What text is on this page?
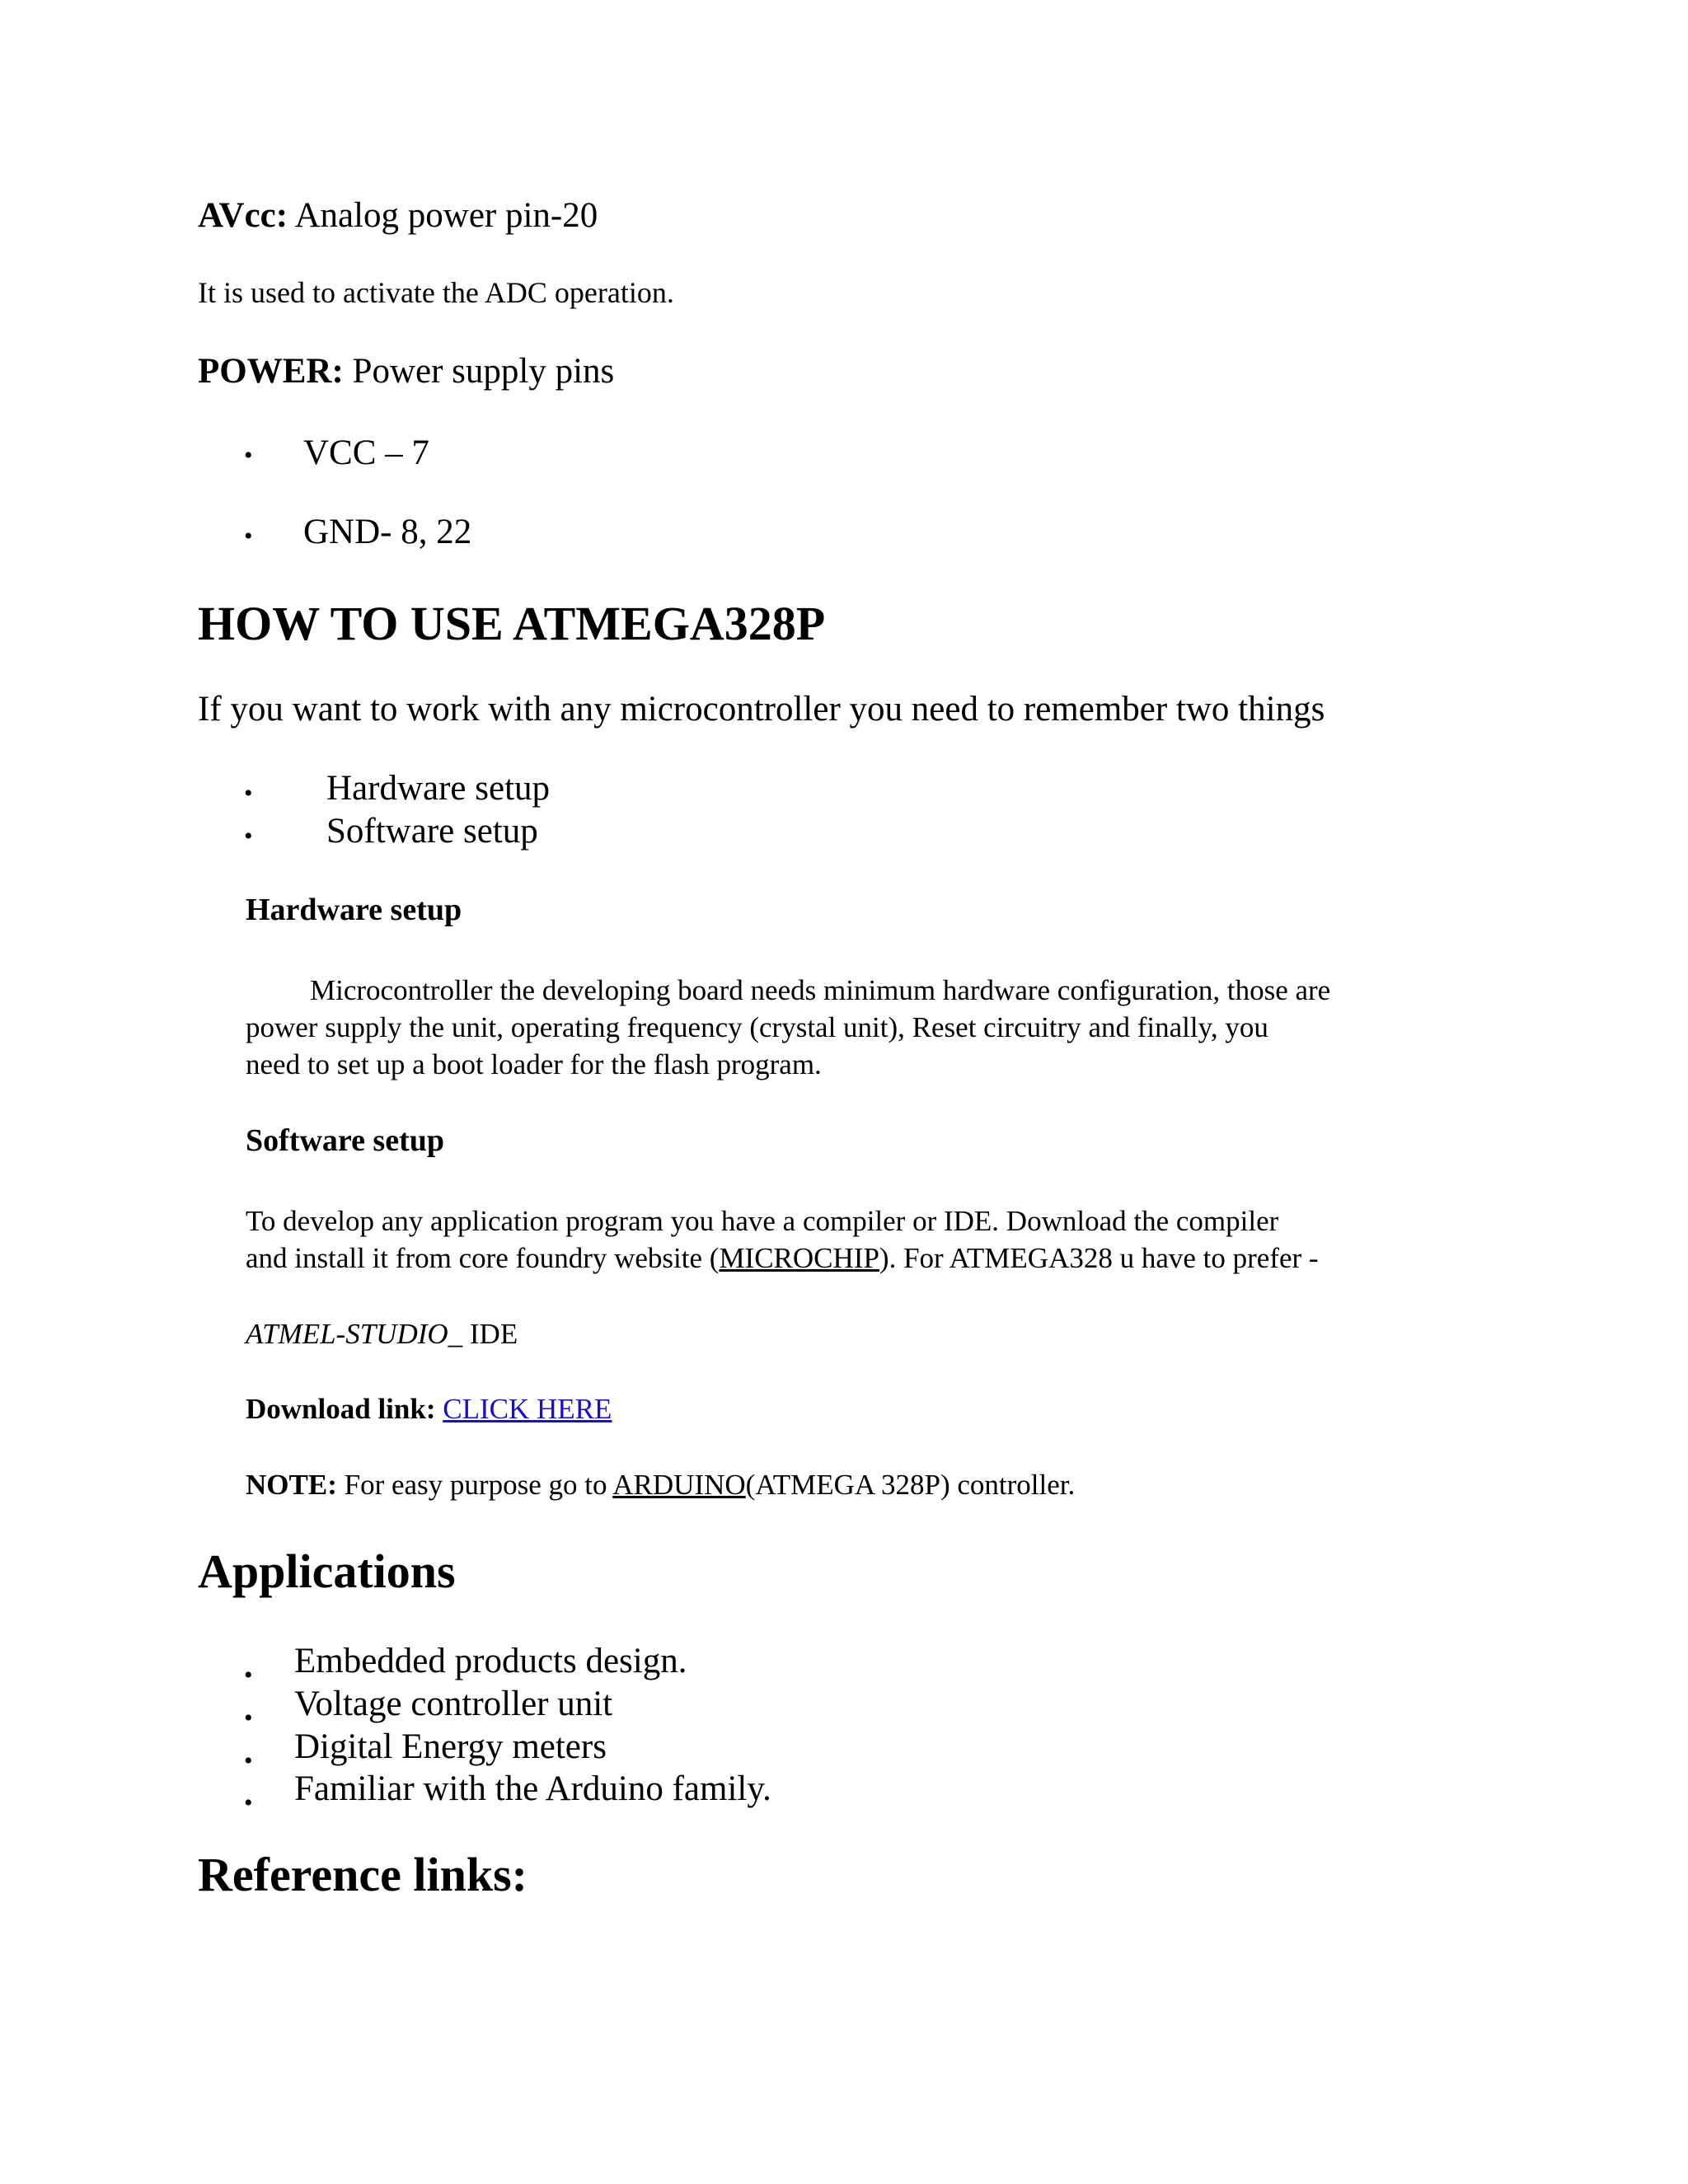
AVcc: Analog power pin-20
It is used to activate the ADC operation.
POWER: Power supply pins
• VCC – 7
• GND- 8, 22
HOW TO USE ATMEGA328P
If you want to work with any microcontroller you need to remember two things
• Hardware setup
• Software setup
Hardware setup
Microcontroller the developing board needs minimum hardware configuration, those are
power supply the unit, operating frequency (crystal unit), Reset circuitry and finally, you
need to set up a boot loader for the flash program.
Software setup
To develop any application program you have a compiler or IDE. Download the compiler
and install it from core foundry website (MICROCHIP). For ATMEGA328 u have to prefer -
ATMEL-STUDIO_ IDE
Download link: CLICK HERE
NOTE: For easy purpose go to ARDUINO(ATMEGA 328P) controller.
Applications
• Embedded products design.
• Voltage controller unit
• Digital Energy meters
• Familiar with the Arduino family.
Reference links:
